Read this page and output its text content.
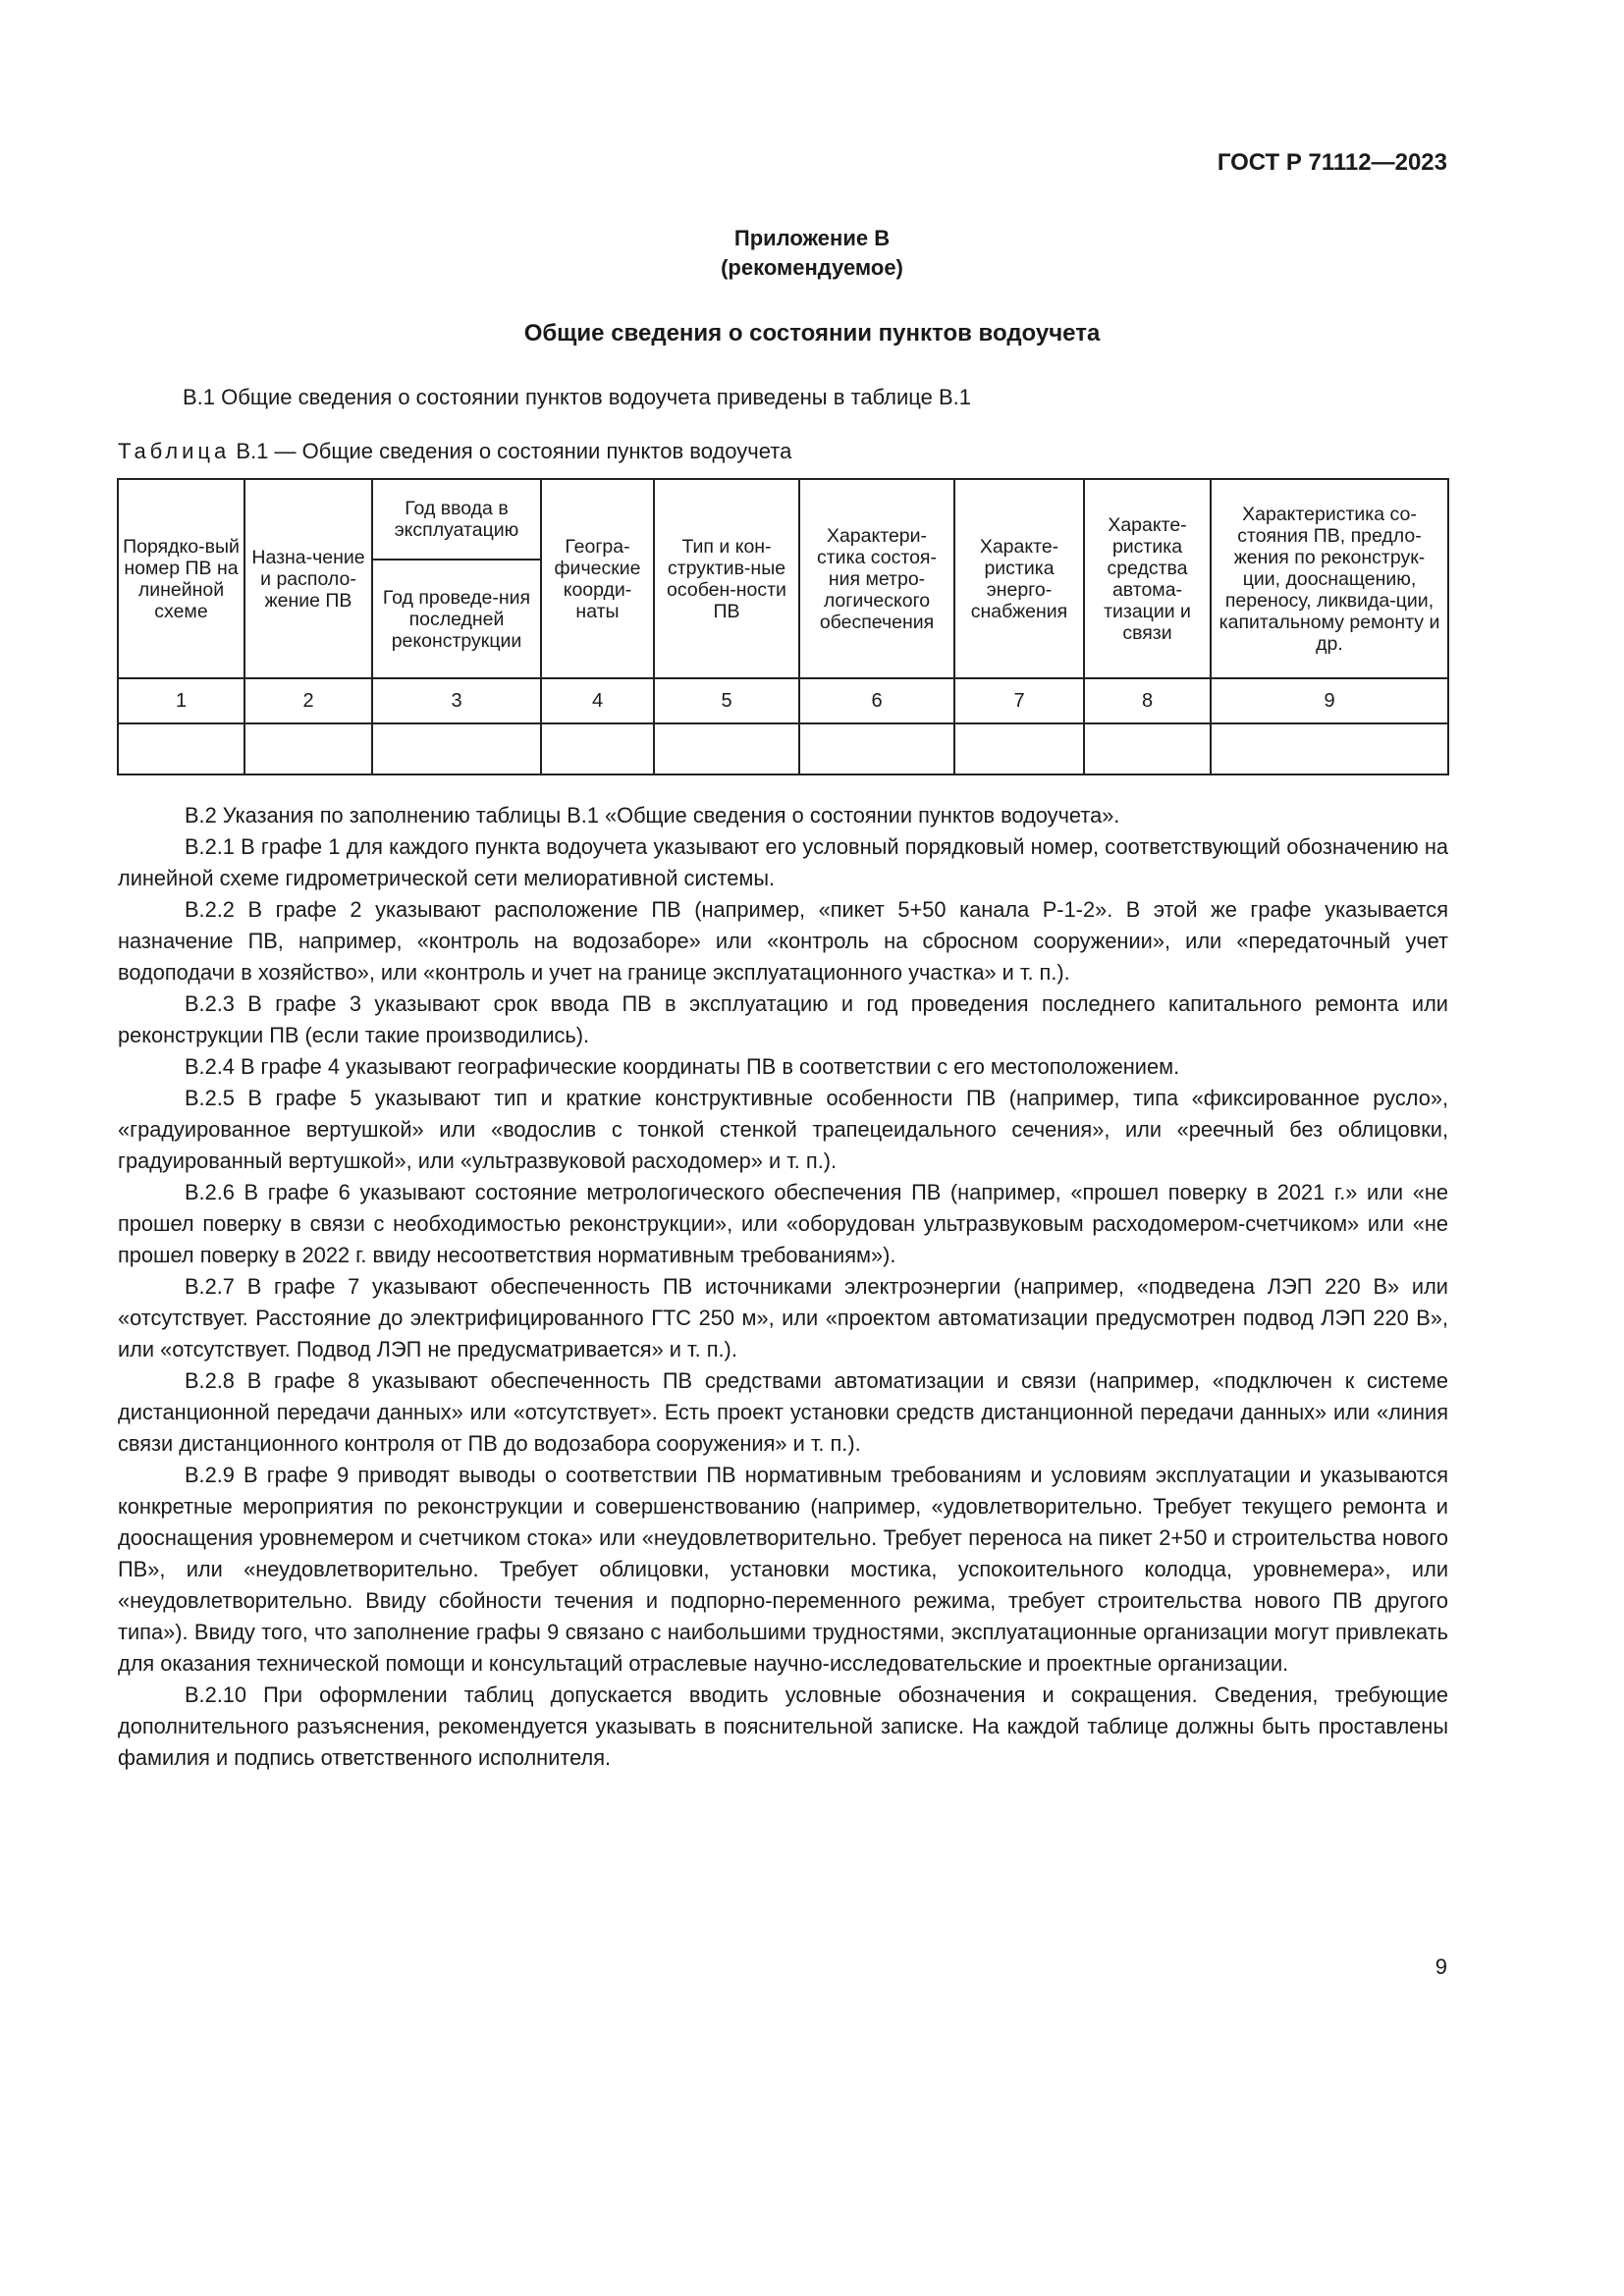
ГОСТ Р 71112—2023
Приложение В
(рекомендуемое)
Общие сведения о состоянии пунктов водоучета
В.1 Общие сведения о состоянии пунктов водоучета приведены в таблице В.1
Таблица В.1 — Общие сведения о состоянии пунктов водоучета
Порядко-вый номер ПВ на линейной схеме	Назна-чение и располо-жение ПВ	Год ввода в эксплуатацию	Геогра-фические коорди-наты	Тип и кон-структив-ные особен-ности ПВ	Характери-стика состоя-ния метро-логического обеспечения	Характе-ристика энерго-снабжения	Характе-ристика средства автома-тизации и связи	Характеристика со-стояния ПВ, предло-жения по реконструк-ции, дооснащению, переносу, ликвида-ции, капитальному ремонту и др.
		Год проведе-ния последней реконструкции						
1	2	3	4	5	6	7	8	9

В.2 Указания по заполнению таблицы В.1 «Общие сведения о состоянии пунктов водоучета».

В.2.1 В графе 1 для каждого пункта водоучета указывают его условный порядковый номер, соответствующий обозначению на линейной схеме гидрометрической сети мелиоративной системы.

В.2.2 В графе 2 указывают расположение ПВ (например, «пикет 5+50 канала Р-1-2». В этой же графе указывается назначение ПВ, например, «контроль на водозаборе» или «контроль на сбросном сооружении», или «передаточный учет водоподачи в хозяйство», или «контроль и учет на границе эксплуатационного участка» и т. п.).

В.2.3 В графе 3 указывают срок ввода ПВ в эксплуатацию и год проведения последнего капитального ремонта или реконструкции ПВ (если такие производились).

В.2.4 В графе 4 указывают географические координаты ПВ в соответствии с его местоположением.

В.2.5 В графе 5 указывают тип и краткие конструктивные особенности ПВ (например, типа «фиксированное русло», «градуированное вертушкой» или «водослив с тонкой стенкой трапецеидального сечения», или «реечный без облицовки, градуированный вертушкой», или «ультразвуковой расходомер» и т. п.).

В.2.6 В графе 6 указывают состояние метрологического обеспечения ПВ (например, «прошел поверку в 2021 г.» или «не прошел поверку в связи с необходимостью реконструкции», или «оборудован ультразвуковым расходомером-счетчиком» или «не прошел поверку в 2022 г. ввиду несоответствия нормативным требованиям»).

В.2.7 В графе 7 указывают обеспеченность ПВ источниками электроэнергии (например, «подведена ЛЭП 220 В» или «отсутствует. Расстояние до электрифицированного ГТС 250 м», или «проектом автоматизации предусмотрен подвод ЛЭП 220 В», или «отсутствует. Подвод ЛЭП не предусматривается» и т. п.).

В.2.8 В графе 8 указывают обеспеченность ПВ средствами автоматизации и связи (например, «подключен к системе дистанционной передачи данных» или «отсутствует». Есть проект установки средств дистанционной передачи данных» или «линия связи дистанционного контроля от ПВ до водозабора сооружения» и т. п.).

В.2.9 В графе 9 приводят выводы о соответствии ПВ нормативным требованиям и условиям эксплуатации и указываются конкретные мероприятия по реконструкции и совершенствованию (например, «удовлетворительно. Требует текущего ремонта и дооснащения уровнемером и счетчиком стока» или «неудовлетворительно. Требует переноса на пикет 2+50 и строительства нового ПВ», или «неудовлетворительно. Требует облицовки, установки мостика, успокоительного колодца, уровнемера», или «неудовлетворительно. Ввиду сбойности течения и подпорно-переменного режима, требует строительства нового ПВ другого типа»). Ввиду того, что заполнение графы 9 связано с наибольшими трудностями, эксплуатационные организации могут привлекать для оказания технической помощи и консультаций отраслевые научно-исследовательские и проектные организации.

В.2.10 При оформлении таблиц допускается вводить условные обозначения и сокращения. Сведения, требующие дополнительного разъяснения, рекомендуется указывать в пояснительной записке. На каждой таблице должны быть проставлены фамилия и подпись ответственного исполнителя.

9
